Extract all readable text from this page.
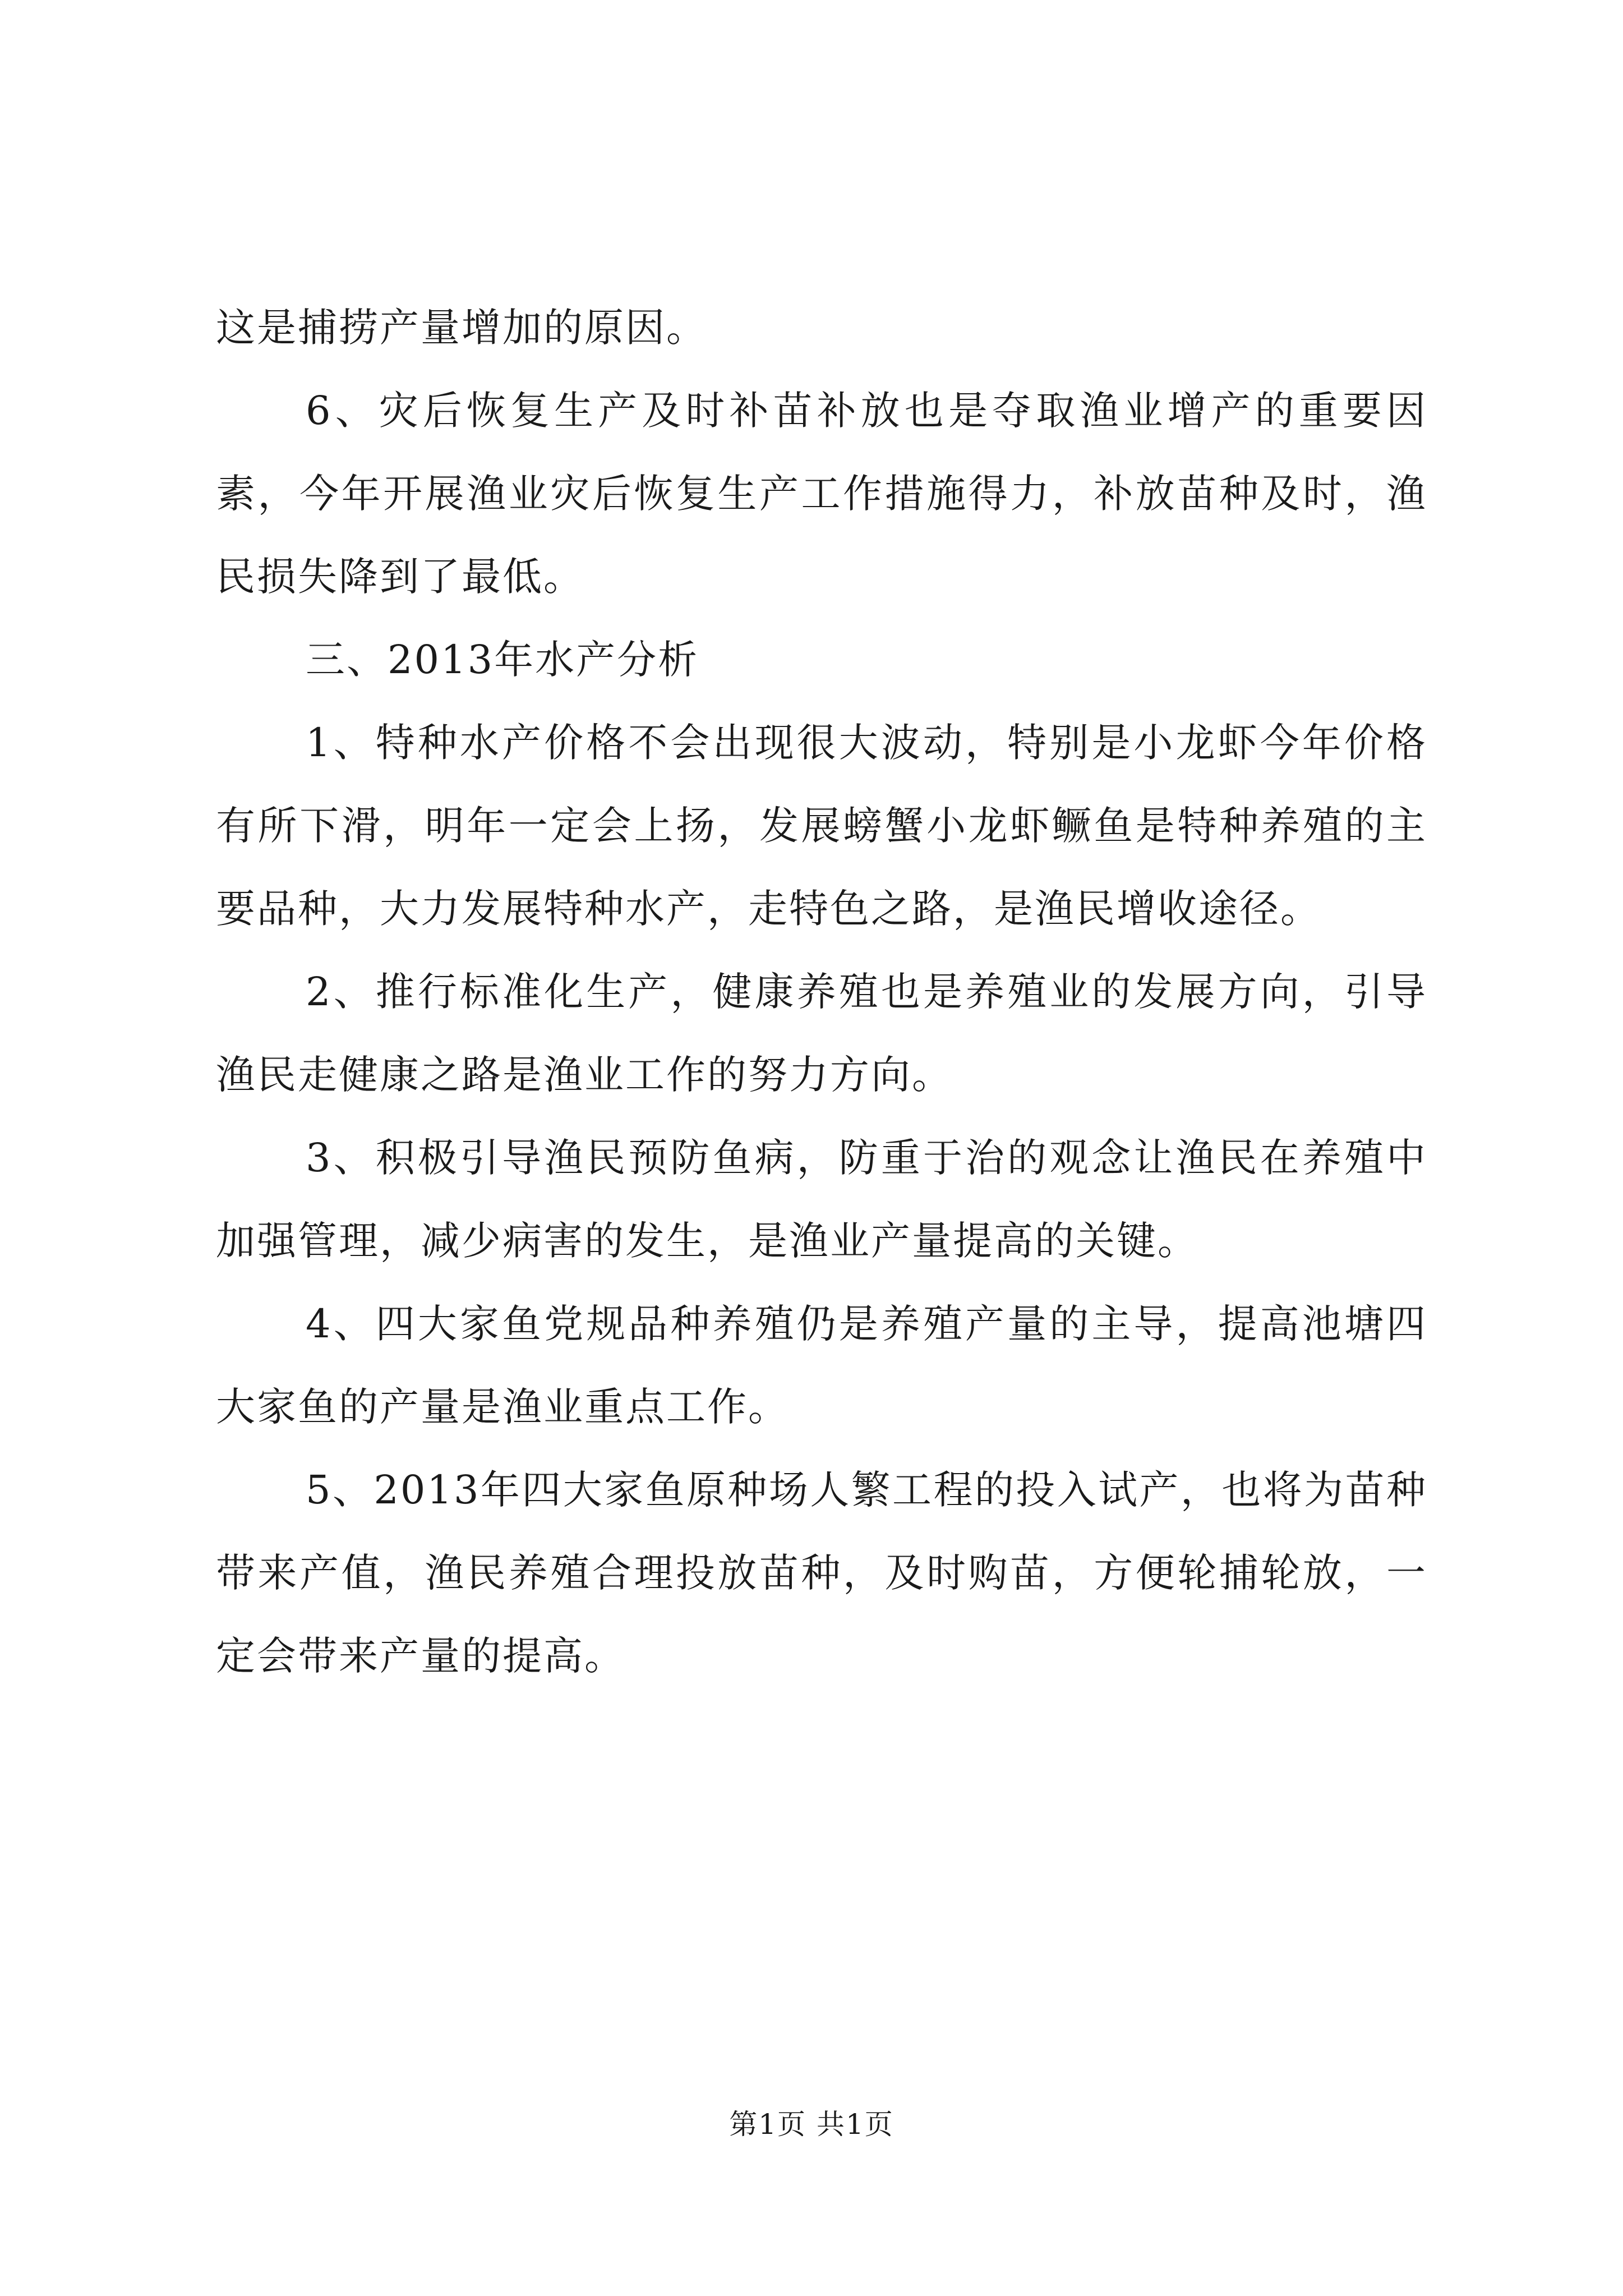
这是捕捞产量增加的原因。

6、灾后恢复生产及时补苗补放也是夺取渔业增产的重要因素，今年开展渔业灾后恢复生产工作措施得力，补放苗种及时，渔民损失降到了最低。

三、2013年水产分析

1、特种水产价格不会出现很大波动，特别是小龙虾今年价格有所下滑，明年一定会上扬，发展螃蟹小龙虾鳜鱼是特种养殖的主要品种，大力发展特种水产，走特色之路，是渔民增收途径。

2、推行标准化生产，健康养殖也是养殖业的发展方向，引导渔民走健康之路是渔业工作的努力方向。

3、积极引导渔民预防鱼病，防重于治的观念让渔民在养殖中加强管理，减少病害的发生，是渔业产量提高的关键。

4、四大家鱼党规品种养殖仍是养殖产量的主导，提高池塘四大家鱼的产量是渔业重点工作。

5、2013年四大家鱼原种场人繁工程的投入试产，也将为苗种带来产值，渔民养殖合理投放苗种，及时购苗，方便轮捕轮放，一定会带来产量的提高。

第1页 共1页
